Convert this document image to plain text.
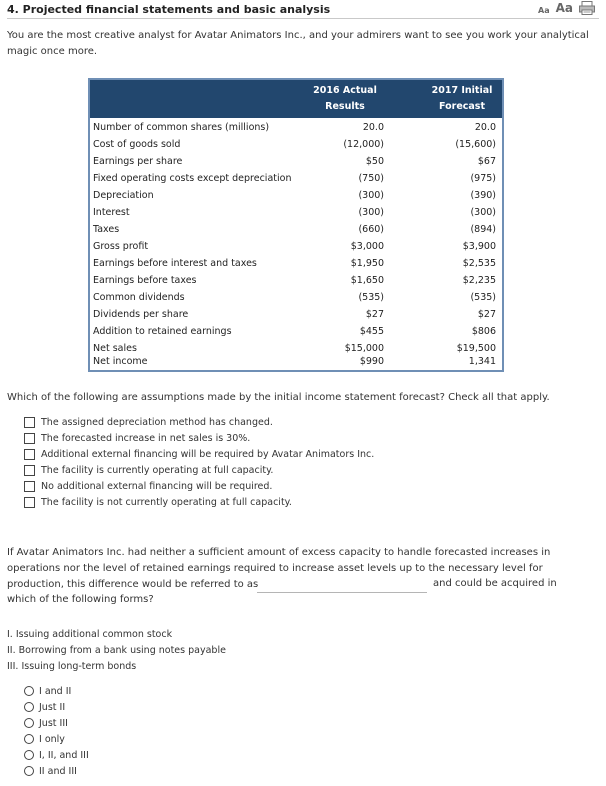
4. Projected financial statements and basic analysis	Aa Aa
You are the most creative analyst for Avatar Animators Inc., and your admirers want to see you work your analytical magic once more.
2016 Actual
Results
2017 Initial
Forecast
Number of common shares (millions)	20.0	20.0
Cost of goods sold	(12,000)	(15,600)
Earnings per share	$50	$67
Fixed operating costs except depreciation	(750)	(975)
Depreciation	(300)	(390)
Interest	(300)	(300)
Taxes	(660)	(894)
Gross profit	$3,000	$3,900
Earnings before interest and taxes	$1,950	$2,535
Earnings before taxes	$1,650	$2,235
Common dividends	(535)	(535)
Dividends per share	$27	$27
Addition to retained earnings	$455	$806
Net sales	$15,000	$19,500
Net income	$990	1,341
Which of the following are assumptions made by the initial income statement forecast? Check all that apply.
The assigned depreciation method has changed.
The forecasted increase in net sales is 30%.
Additional external financing will be required by Avatar Animators Inc.
The facility is currently operating at full capacity.
No additional external financing will be required.
The facility is not currently operating at full capacity.
If Avatar Animators Inc. had neither a sufficient amount of excess capacity to handle forecasted increases in operations nor the level of retained earnings required to increase asset levels up to the necessary level for production, this difference would be referred to as	and could be acquired in
which of the following forms?
I. Issuing additional common stock
II. Borrowing from a bank using notes payable
III. Issuing long-term bonds
I and II
Just II
Just III
I only
I, II, and III
II and III
